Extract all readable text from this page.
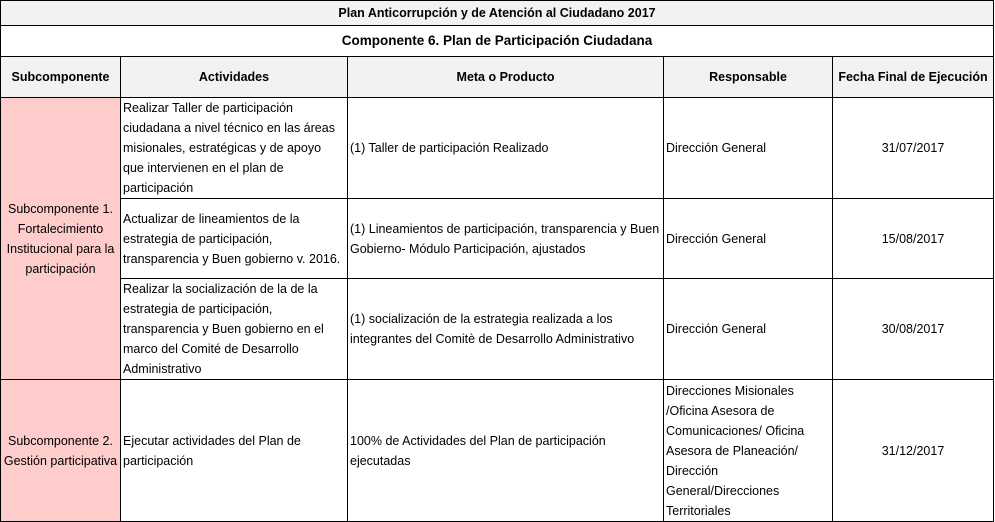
Plan Anticorrupción y de Atención al Ciudadano 2017				
Componente 6. Plan de Participación Ciudadana				
Subcomponente	Actividades	Meta o Producto	Responsable	Fecha Final de Ejecución
Subcomponente 1. Fortalecimiento Institucional para la participación	Realizar Taller de participación ciudadana a nivel técnico en las áreas misionales, estratégicas y de apoyo que intervienen en el plan de participación	(1) Taller de participación Realizado	Dirección General	31/07/2017
	Actualizar de lineamientos de la estrategia de participación, transparencia y Buen gobierno v. 2016.	(1) Lineamientos de participación, transparencia y Buen Gobierno- Módulo Participación, ajustados	Dirección General	15/08/2017
	Realizar la socialización de la de la estrategia de participación, transparencia y Buen gobierno en el marco del Comité de Desarrollo Administrativo	(1) socialización de la estrategia realizada a los integrantes del Comitè de Desarrollo Administrativo	Dirección General	30/08/2017
Subcomponente 2. Gestión participativa	Ejecutar actividades del Plan de participación	100% de Actividades del Plan de participación ejecutadas	Direcciones Misionales /Oficina Asesora de Comunicaciones/ Oficina Asesora de Planeación/ Dirección General/Direcciones Territoriales	31/12/2017
